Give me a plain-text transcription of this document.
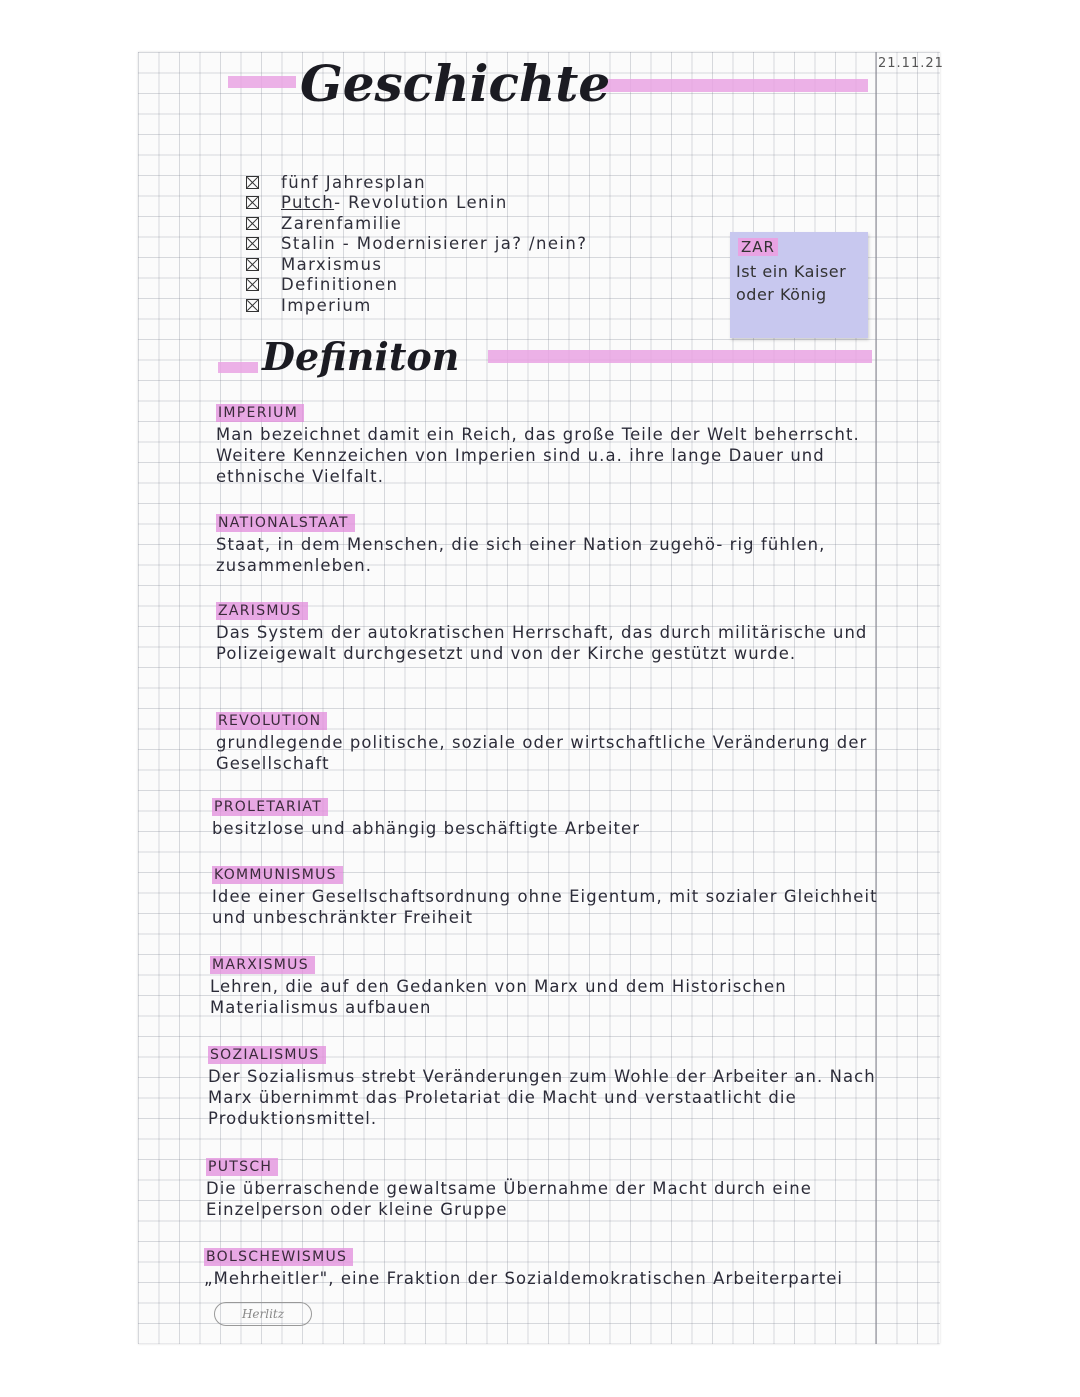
21.11.21
Geschichte
fünf Jahresplan
Putch - Revolution Lenin
Zarenfamilie
Stalin - Modernisierer ja? /nein?
Marxismus
Definitionen
Imperium
ZAR
Ist ein Kaiser oder König
Definiton
IMPERIUM
Man bezeichnet damit ein Reich, das große Teile der Welt beherrscht. Weitere Kennzeichen von Imperien sind u.a. ihre lange Dauer und ethnische Vielfalt.
NATIONALSTAAT
Staat, in dem Menschen, die sich einer Nation zugehö- rig fühlen, zusammenleben.
ZARISMUS
Das System der autokratischen Herrschaft, das durch militärische und Polizeigewalt durchgesetzt und von der Kirche gestützt wurde.
REVOLUTION
grundlegende politische, soziale oder wirtschaftliche Veränderung der Gesellschaft
PROLETARIAT
besitzlose und abhängig beschäftigte Arbeiter
KOMMUNISMUS
Idee einer Gesellschaftsordnung ohne Eigentum, mit sozialer Gleichheit und unbeschränkter Freiheit
MARXISMUS
Lehren, die auf den Gedanken von Marx und dem Historischen Materialismus aufbauen
SOZIALISMUS
Der Sozialismus strebt Veränderungen zum Wohle der Arbeiter an. Nach Marx übernimmt das Proletariat die Macht und verstaatlicht die Produktionsmittel.
PUTSCH
Die überraschende gewaltsame Übernahme der Macht durch eine Einzelperson oder kleine Gruppe
BOLSCHEWISMUS
„Mehrheitler", eine Fraktion der Sozialdemokratischen Arbeiterpartei
Herlitz
